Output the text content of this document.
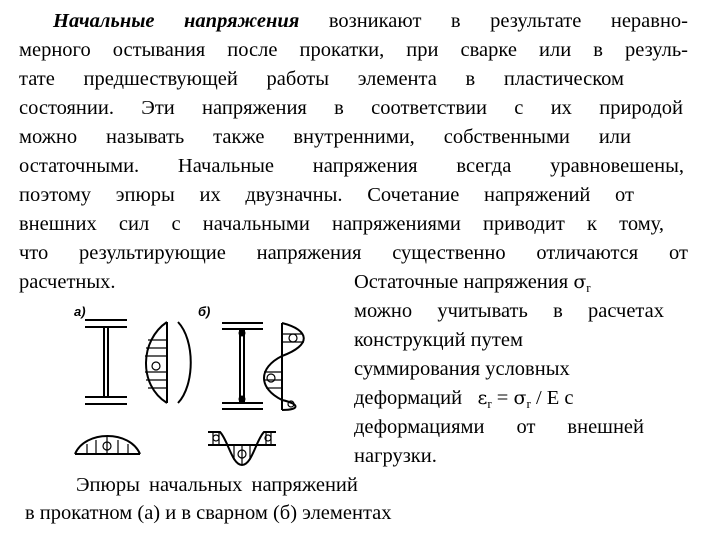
Начальные напряжения возникают в результате неравно-
мерного остывания после прокатки, при сварке или в резуль-
тате предшествующей работы элемента в пластическом
состоянии. Эти напряжения в соответствии с их природой
можно называть также внутренними, собственными или
остаточными. Начальные напряжения всегда уравновешены,
поэтому эпюры их двузначны. Сочетание напряжений от
внешних сил с начальными напряжениями приводит к тому,
что результирующие напряжения существенно отличаются от
расчетных.	Остаточные напряжения $\sigma_r$
можно учитывать в расчетах
конструкций путем
суммирования условных
деформаций $\varepsilon_r = \sigma_r / E$ с
деформациями от внешней
нагрузки.
Эпюры начальных напряжений
в прокатном (а) и в сварном (б) элементах
а)	б)
